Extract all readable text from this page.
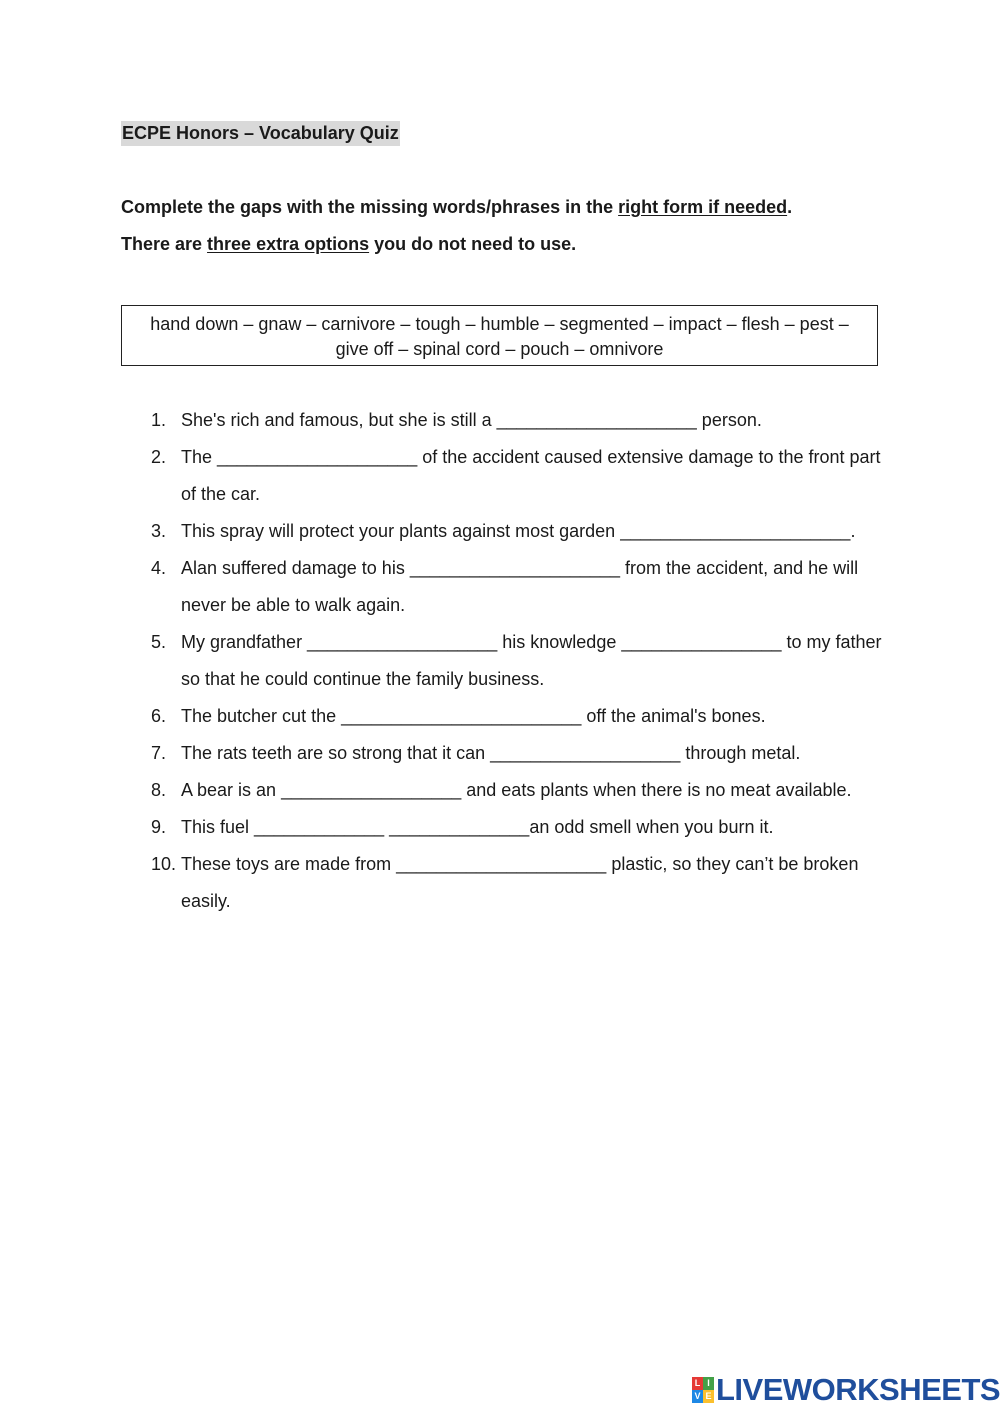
ECPE Honors – Vocabulary Quiz
Complete the gaps with the missing words/phrases in the right form if needed.
There are three extra options you do not need to use.
hand down – gnaw – carnivore – tough – humble – segmented – impact – flesh – pest –
give off – spinal cord – pouch – omnivore
1. She's rich and famous, but she is still a ____________________ person.
2. The ____________________ of the accident caused extensive damage to the front part of the car.
3. This spray will protect your plants against most garden _______________________.
4. Alan suffered damage to his _____________________ from the accident, and he will never be able to walk again.
5. My grandfather ___________________ his knowledge ________________ to my father so that he could continue the family business.
6. The butcher cut the ________________________ off the animal's bones.
7. The rats teeth are so strong that it can ___________________ through metal.
8. A bear is an __________________ and eats plants when there is no meat available.
9. This fuel _____________ ______________an odd smell when you burn it.
10. These toys are made from _____________________ plastic, so they can’t be broken easily.
L I
V E LIVEWORKSHEETS
